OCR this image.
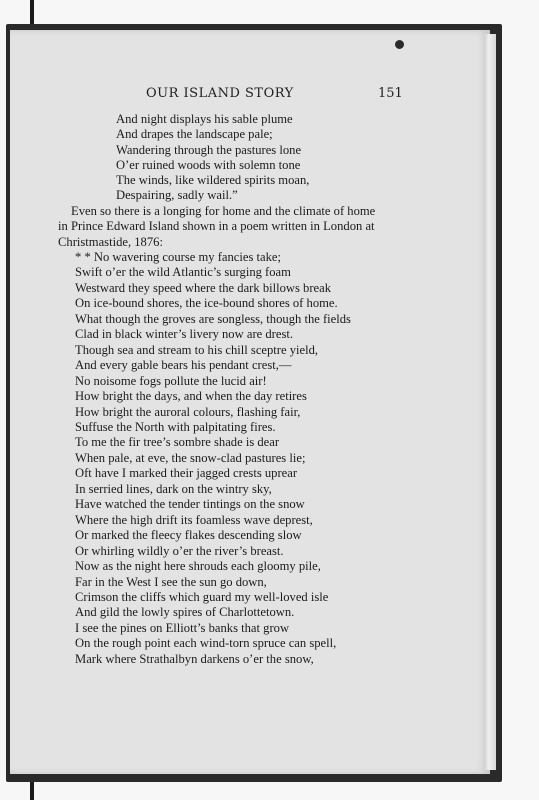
OUR ISLAND STORY	151
And night displays his sable plume
And drapes the landscape pale;
Wandering through the pastures lone
O’er ruined woods with solemn tone
The winds, like wildered spirits moan,
Despairing, sadly wail.”
Even so there is a longing for home and the climate of home
in Prince Edward Island shown in a poem written in London at
Christmastide, 1876:
* * No wavering course my fancies take;
Swift o’er the wild Atlantic’s surging foam
Westward they speed where the dark billows break
On ice-bound shores, the ice-bound shores of home.
What though the groves are songless, though the fields
Clad in black winter’s livery now are drest.
Though sea and stream to his chill sceptre yield,
And every gable bears his pendant crest,—
No noisome fogs pollute the lucid air!
How bright the days, and when the day retires
How bright the auroral colours, flashing fair,
Suffuse the North with palpitating fires.
To me the fir tree’s sombre shade is dear
When pale, at eve, the snow-clad pastures lie;
Oft have I marked their jagged crests uprear
In serried lines, dark on the wintry sky,
Have watched the tender tintings on the snow
Where the high drift its foamless wave deprest,
Or marked the fleecy flakes descending slow
Or whirling wildly o’er the river’s breast.
Now as the night here shrouds each gloomy pile,
Far in the West I see the sun go down,
Crimson the cliffs which guard my well-loved isle
And gild the lowly spires of Charlottetown.
I see the pines on Elliott’s banks that grow
On the rough point each wind-torn spruce can spell,
Mark where Strathalbyn darkens o’er the snow,
